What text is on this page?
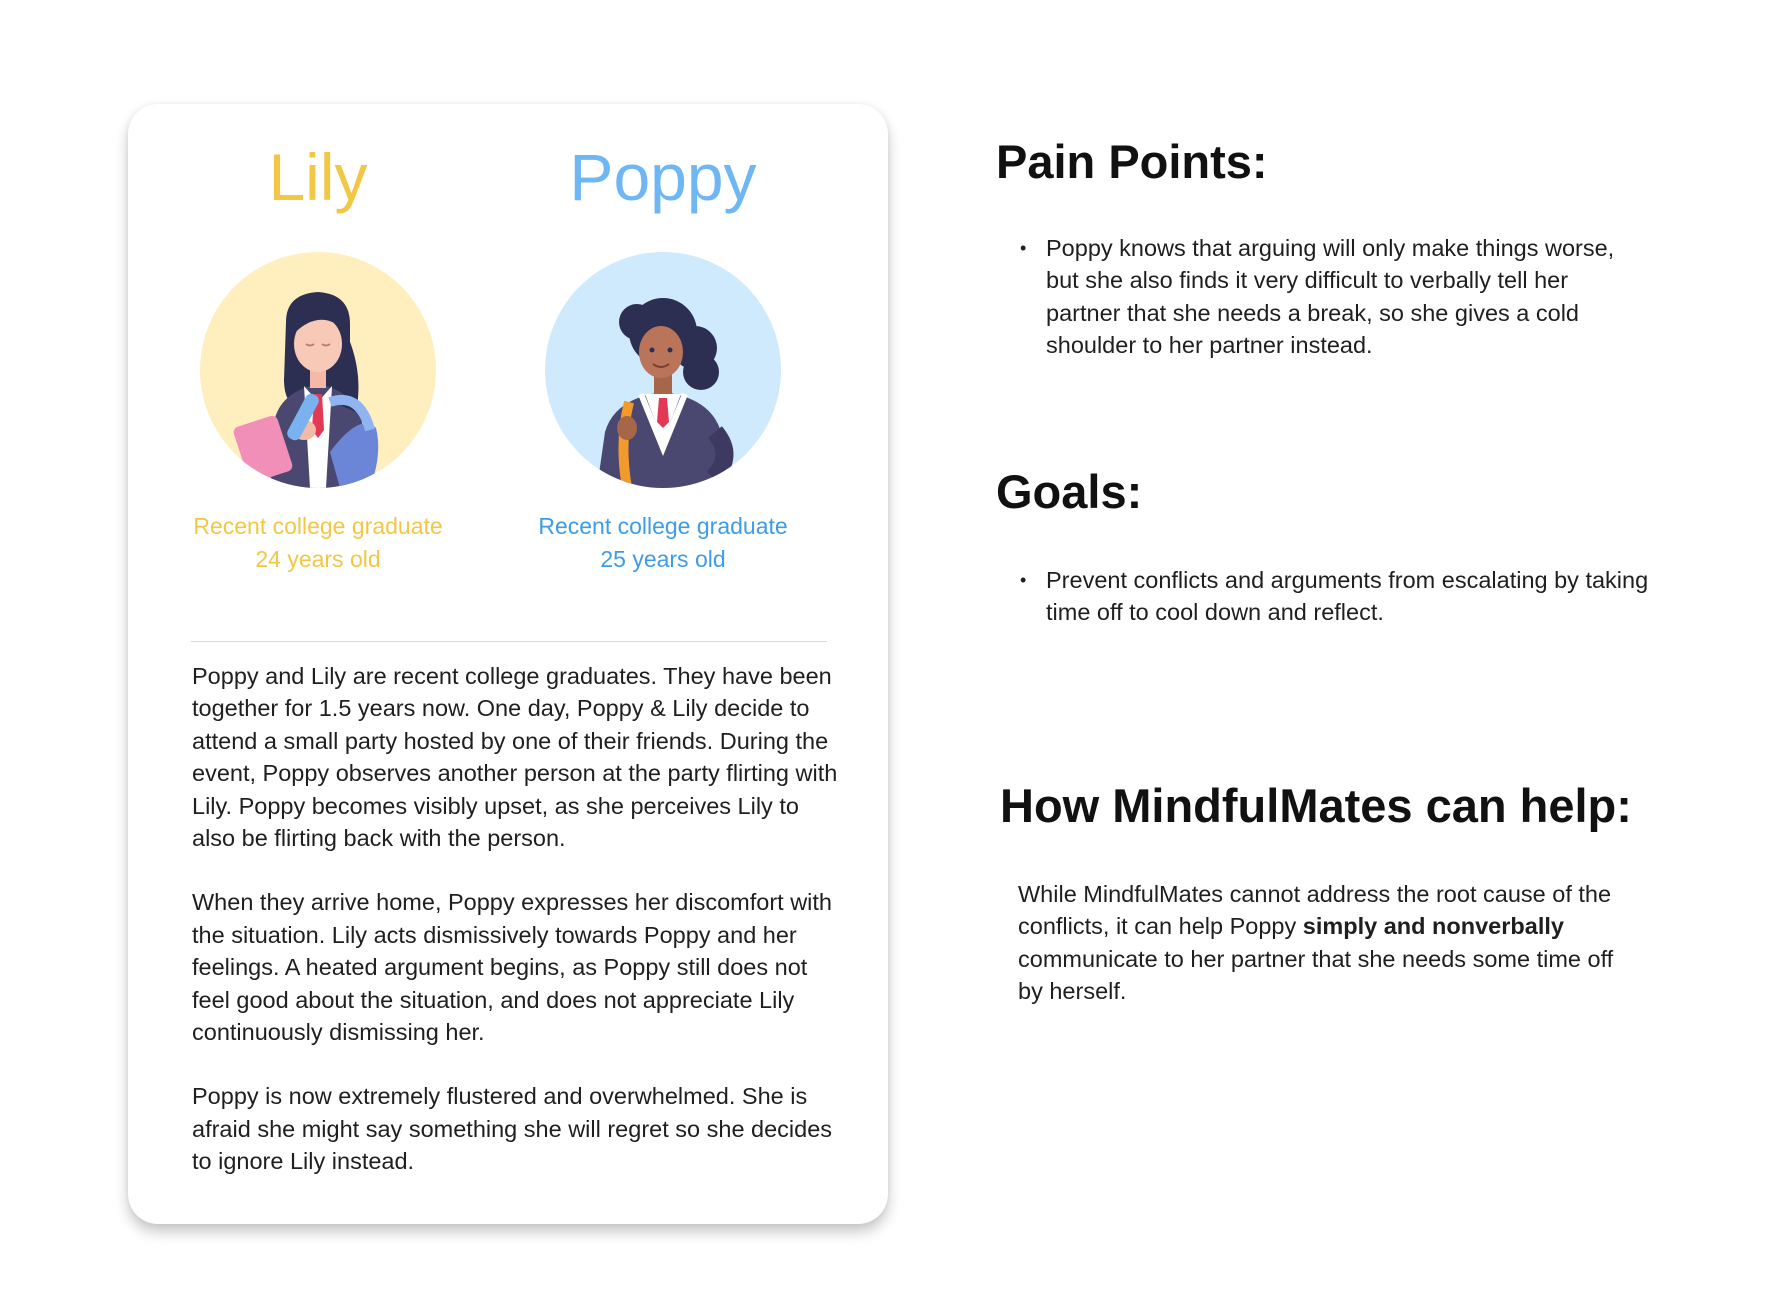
Lily
Recent college graduate
24 years old
Poppy
Recent college graduate
25 years old

Poppy and Lily are recent college graduates. They have been together for 1.5 years now. One day, Poppy & Lily decide to attend a small party hosted by one of their friends. During the event, Poppy observes another person at the party flirting with Lily. Poppy becomes visibly upset, as she perceives Lily to also be flirting back with the person.

When they arrive home, Poppy expresses her discomfort with the situation. Lily acts dismissively towards Poppy and her feelings. A heated argument begins, as Poppy still does not feel good about the situation, and does not appreciate Lily continuously dismissing her.

Poppy is now extremely flustered and overwhelmed. She is afraid she might say something she will regret so she decides to ignore Lily instead.

Pain Points:
• Poppy knows that arguing will only make things worse, but she also finds it very difficult to verbally tell her partner that she needs a break, so she gives a cold shoulder to her partner instead.
Goals:
• Prevent conflicts and arguments from escalating by taking time off to cool down and reflect.
How MindfulMates can help:
While MindfulMates cannot address the root cause of the conflicts, it can help Poppy simply and nonverbally communicate to her partner that she needs some time off by herself.
